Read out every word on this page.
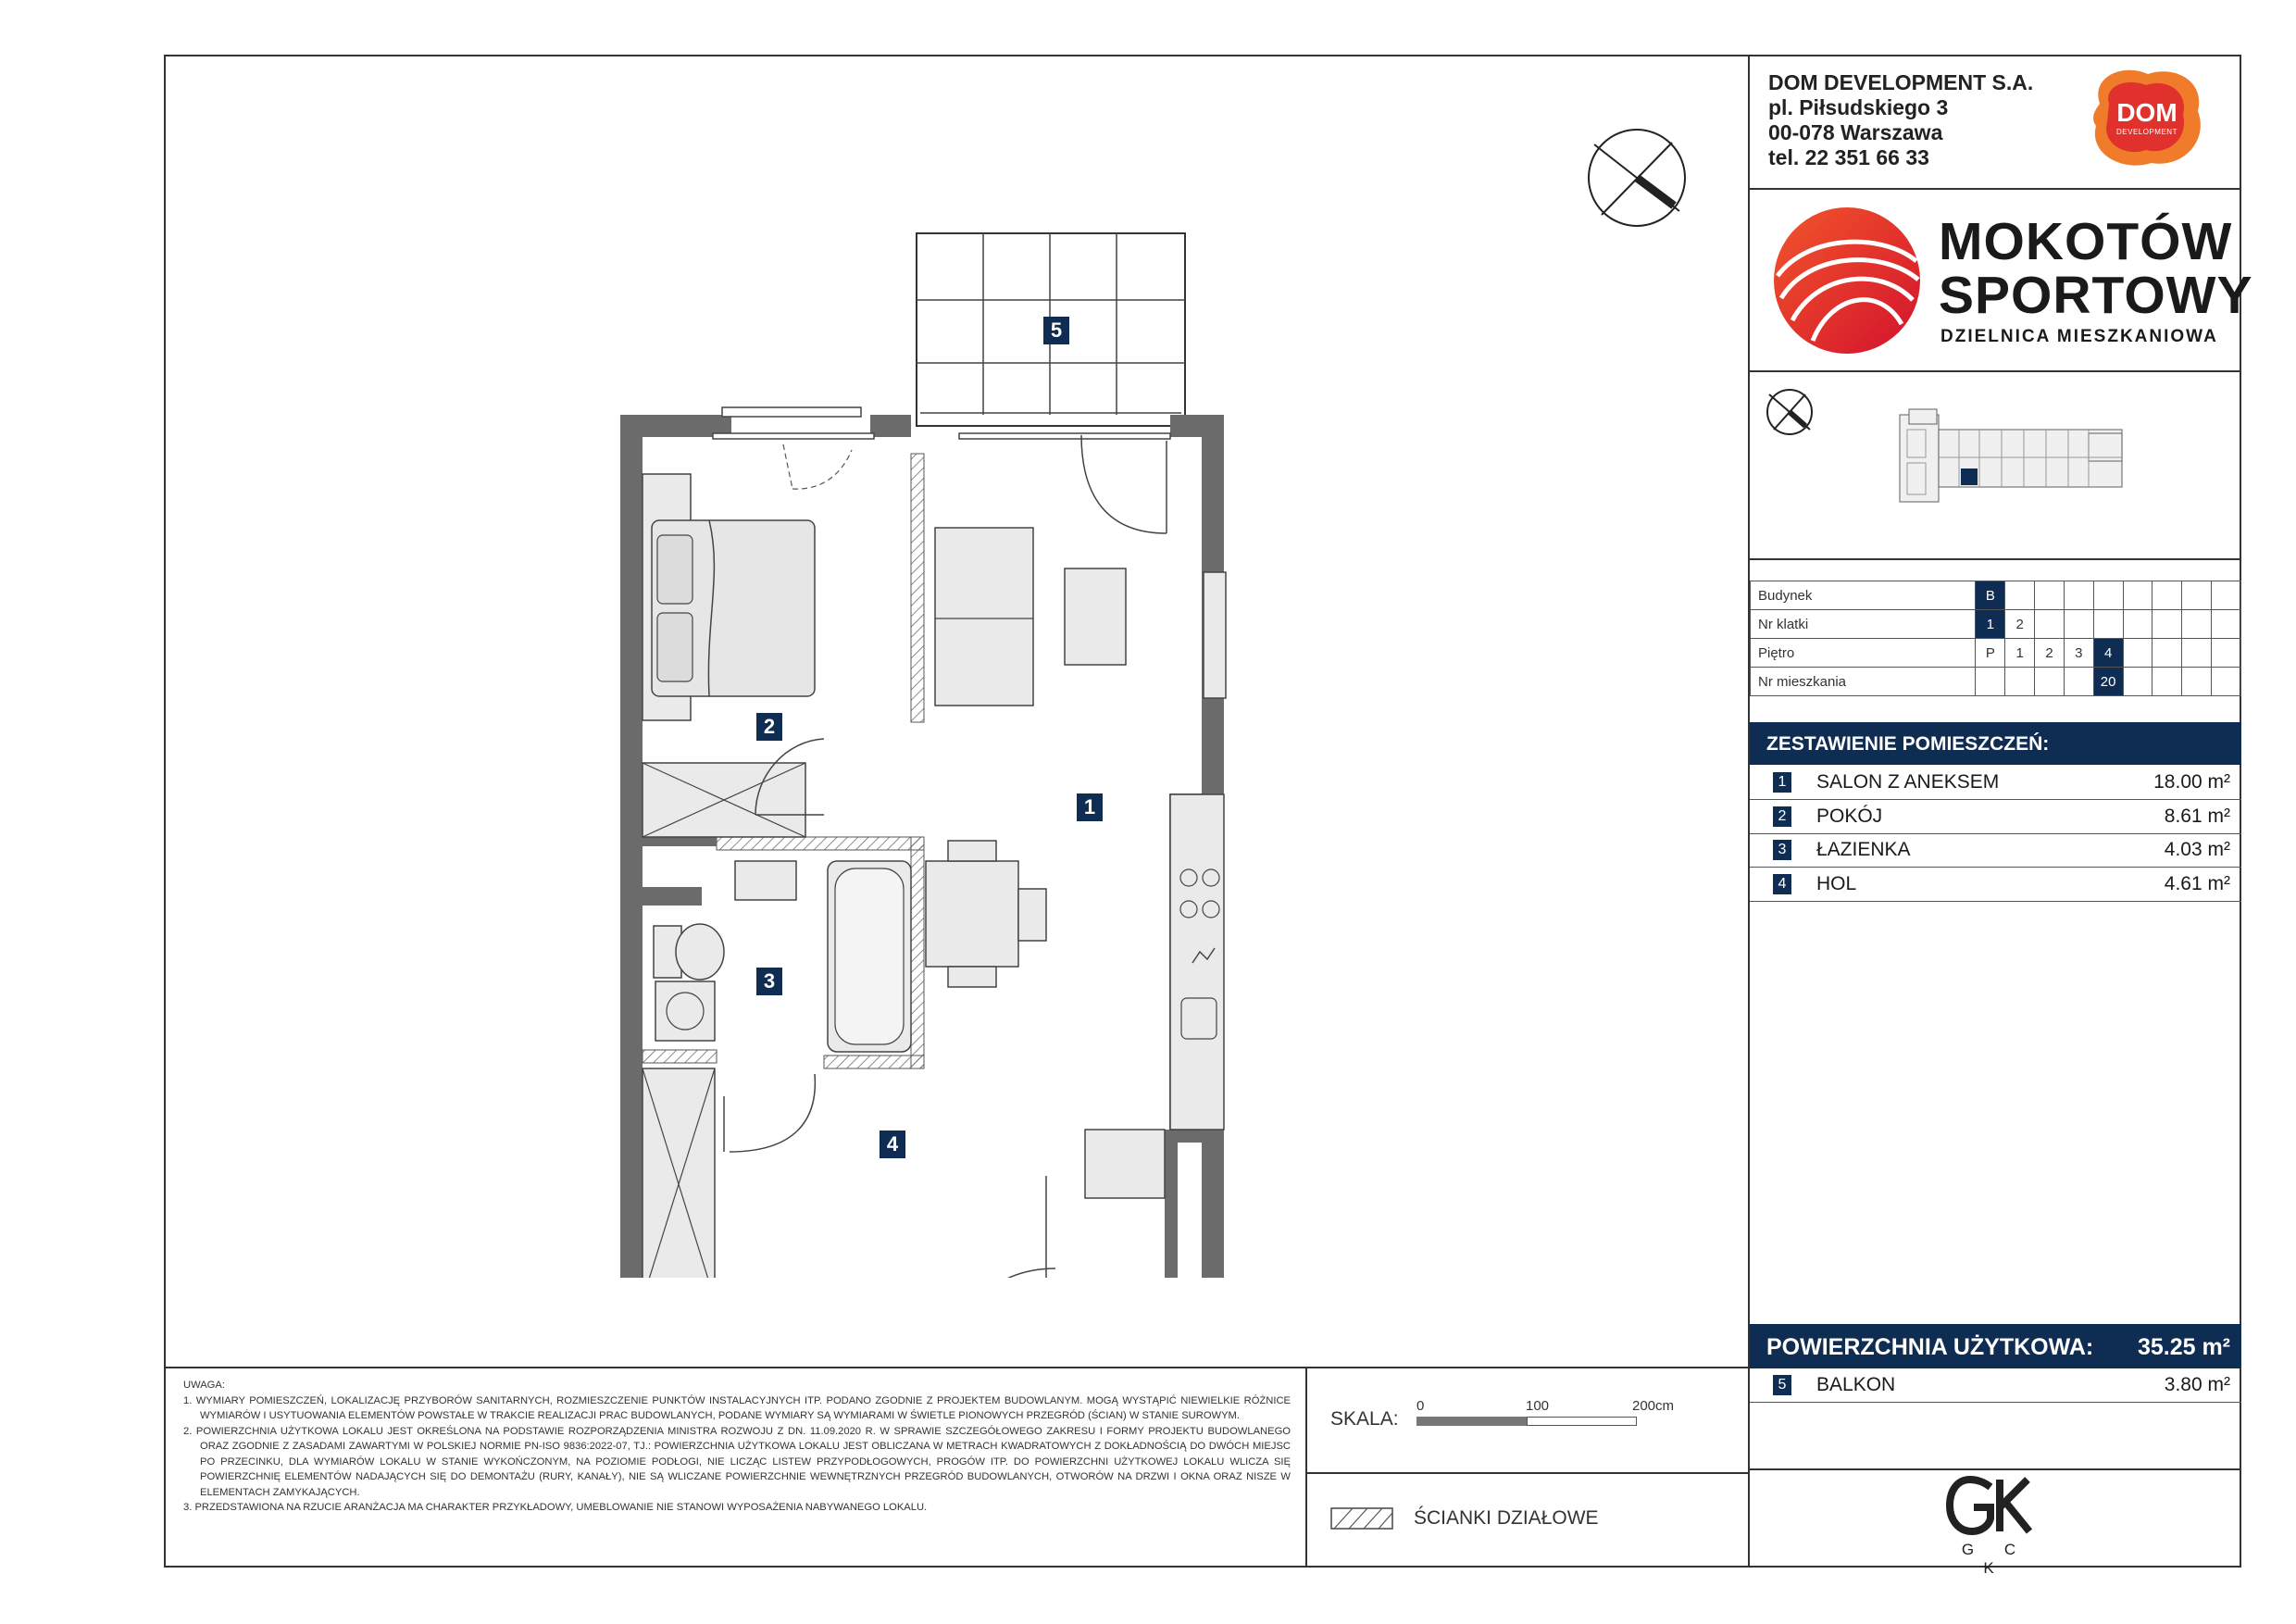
DOM DEVELOPMENT S.A.
pl. Piłsudskiego 3
00-078 Warszawa
tel. 22 351 66 33
DOM
DEVELOPMENT
MOKOTÓW
SPORTOWY
DZIELNICA MIESZKANIOWA
Budynek	B								
Nr klatki	1	2							
Piętro	P	1	2	3	4				
Nr mieszkania					20				
ZESTAWIENIE POMIESZCZEŃ:
1 SALON Z ANEKSEM	18.00 m²
2 POKÓJ	8.61 m²
3 ŁAZIENKA	4.03 m²
4 HOL	4.61 m²
POWIERZCHNIA UŻYTKOWA: 35.25 m²
5 BALKON	3.80 m²
G C K
UWAGA:

1. WYMIARY POMIESZCZEŃ, LOKALIZACJĘ PRZYBORÓW SANITARNYCH, ROZMIESZCZENIE PUNKTÓW INSTALACYJNYCH ITP. PODANO ZGODNIE Z PROJEKTEM BUDOWLANYM. MOGĄ WYSTĄPIĆ NIEWIELKIE RÓŻNICE WYMIARÓW I USYTUOWANIA ELEMENTÓW POWSTAŁE W TRAKCIE REALIZACJI PRAC BUDOWLANYCH, PODANE WYMIARY SĄ WYMIARAMI W ŚWIETLE PIONOWYCH PRZEGRÓD (ŚCIAN) W STANIE SUROWYM.

2. POWIERZCHNIA UŻYTKOWA LOKALU JEST OKREŚLONA NA PODSTAWIE ROZPORZĄDZENIA MINISTRA ROZWOJU Z DN. 11.09.2020 R. W SPRAWIE SZCZEGÓŁOWEGO ZAKRESU I FORMY PROJEKTU BUDOWLANEGO ORAZ ZGODNIE Z ZASADAMI ZAWARTYMI W POLSKIEJ NORMIE PN-ISO 9836:2022-07, TJ.: POWIERZCHNIA UŻYTKOWA LOKALU JEST OBLICZANA W METRACH KWADRATOWYCH Z DOKŁADNOŚCIĄ DO DWÓCH MIEJSC PO PRZECINKU, DLA WYMIARÓW LOKALU W STANIE WYKOŃCZONYM, NA POZIOMIE PODŁOGI, NIE LICZĄC LISTEW PRZYPODŁOGOWYCH, PROGÓW ITP. DO POWIERZCHNI UŻYTKOWEJ LOKALU WLICZA SIĘ POWIERZCHNIĘ ELEMENTÓW NADAJĄCYCH SIĘ DO DEMONTAŻU (RURY, KANAŁY), NIE SĄ WLICZANE POWIERZCHNIE WEWNĘTRZNYCH PRZEGRÓD BUDOWLANYCH, OTWORÓW NA DRZWI I OKNA ORAZ NISZE W ELEMENTACH ZAMYKAJĄCYCH.

3. PRZEDSTAWIONA NA RZUCIE ARANŻACJA MA CHARAKTER PRZYKŁADOWY, UMEBLOWANIE NIE STANOWI WYPOSAŻENIA NABYWANEGO LOKALU.

SKALA:
0	100	200cm
ŚCIANKI DZIAŁOWE
5
2
1
3
4
